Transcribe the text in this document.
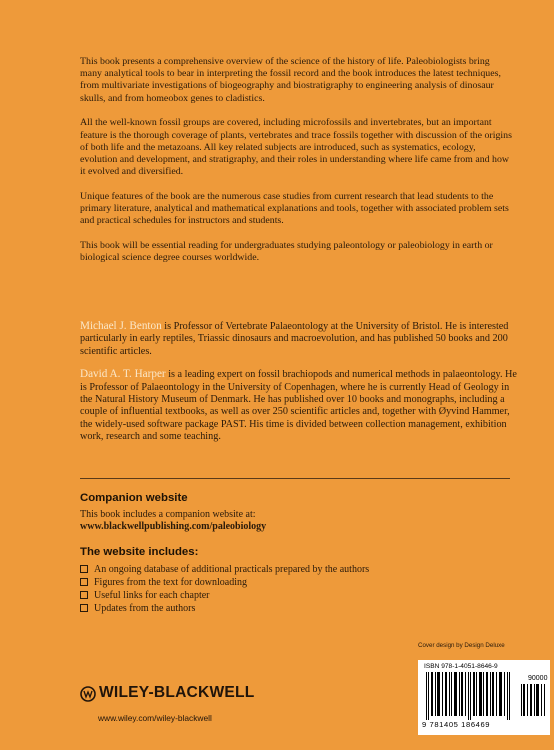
This book presents a comprehensive overview of the science of the history of life. Paleobiologists bring many analytical tools to bear in interpreting the fossil record and the book introduces the latest techniques, from multivariate investigations of biogeography and biostratigraphy to engineering analysis of dinosaur skulls, and from homeobox genes to cladistics.

All the well-known fossil groups are covered, including microfossils and invertebrates, but an important feature is the thorough coverage of plants, vertebrates and trace fossils together with discussion of the origins of both life and the metazoans. All key related subjects are introduced, such as systematics, ecology, evolution and development, and stratigraphy, and their roles in understanding where life came from and how it evolved and diversified.

Unique features of the book are the numerous case studies from current research that lead students to the primary literature, analytical and mathematical explanations and tools, together with associated problem sets and practical schedules for instructors and students.

This book will be essential reading for undergraduates studying paleontology or paleobiology in earth or biological science degree courses worldwide.

Michael J. Benton is Professor of Vertebrate Palaeontology at the University of Bristol. He is interested particularly in early reptiles, Triassic dinosaurs and macroevolution, and has published 50 books and 200 scientific articles.

David A. T. Harper is a leading expert on fossil brachiopods and numerical methods in palaeontology. He is Professor of Palaeontology in the University of Copenhagen, where he is currently Head of Geology in the Natural History Museum of Denmark. He has published over 10 books and monographs, including a couple of influential textbooks, as well as over 250 scientific articles and, together with Øyvind Hammer, the widely-used software package PAST. His time is divided between collection management, exhibition work, research and some teaching.

Companion website
This book includes a companion website at:
www.blackwellpublishing.com/paleobiology
The website includes:
An ongoing database of additional practicals prepared by the authors
Figures from the text for downloading
Useful links for each chapter
Updates from the authors
Cover design by Design Deluxe
ISBN 978-1-4051-8646-9
90000
9 781405 186469
WILEY-BLACKWELL
www.wiley.com/wiley-blackwell
